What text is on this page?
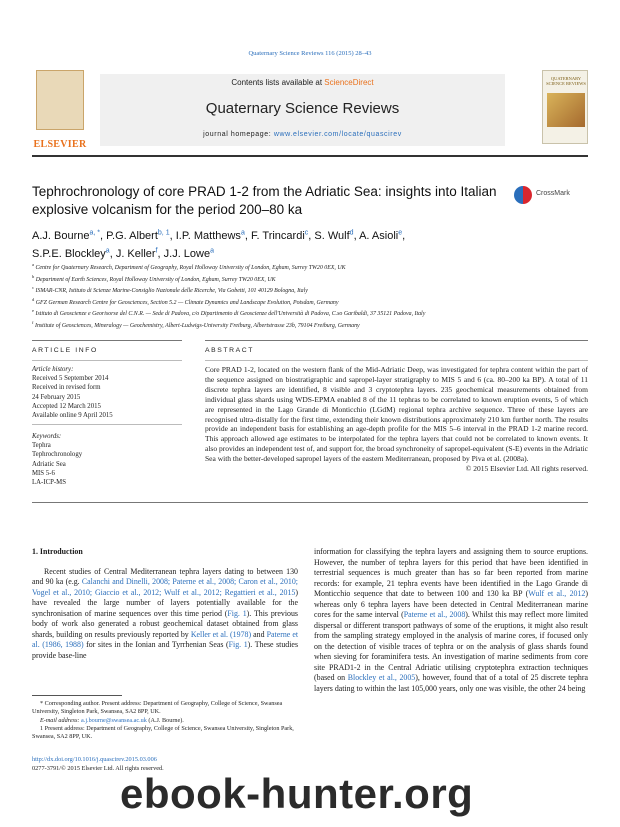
Quaternary Science Reviews 116 (2015) 28–43
ELSEVIER
Contents lists available at ScienceDirect
Quaternary Science Reviews
journal homepage: www.elsevier.com/locate/quascirev
QUATERNARY SCIENCE REVIEWS
Tephrochronology of core PRAD 1-2 from the Adriatic Sea: insights into Italian explosive volcanism for the period 200–80 ka
CrossMark
A.J. Bourne$^{a, *}$, P.G. Albert$^{b, 1}$, I.P. Matthews$^a$, F. Trincardi$^c$, S. Wulf$^d$, A. Asioli$^e$,
S.P.E. Blockley$^a$, J. Keller$^f$, J.J. Lowe$^a$
$^a$ Centre for Quaternary Research, Department of Geography, Royal Holloway University of London, Egham, Surrey TW20 0EX, UK
$^b$ Department of Earth Sciences, Royal Holloway University of London, Egham, Surrey TW20 0EX, UK
$^c$ ISMAR-CNR, Istituto di Scienze Marine-Consiglio Nazionale delle Ricerche, Via Gobetti, 101 40129 Bologna, Italy
$^d$ GFZ German Research Centre for Geosciences, Section 5.2 — Climate Dynamics and Landscape Evolution, Potsdam, Germany
$^e$ Istituto di Geoscienze e Georisorse del C.N.R. — Sede di Padova, c/o Dipartimento di Geoscienze dell'Università di Padova, C.so Garibaldi, 37 35121 Padova, Italy
$^f$ Institute of Geosciences, Mineralogy — Geochemistry, Albert-Ludwigs-University Freiburg, Albertstrasse 23b, 79104 Freiburg, Germany
ARTICLE INFO	ABSTRACT
Article history:
Received 5 September 2014
Received in revised form
24 February 2015
Accepted 12 March 2015
Available online 9 April 2015
Keywords:
Tephra
Tephrochronology
Adriatic Sea
MIS 5-6
LA-ICP-MS
Core PRAD 1-2, located on the western flank of the Mid-Adriatic Deep, was investigated for tephra content within the part of the sequence assigned on biostratigraphic and sapropel-layer stratigraphy to MIS 5 and 6 (ca. 80–200 ka BP). A total of 11 discrete tephra layers are identified, 8 visible and 3 cryptotephra layers. 235 geochemical measurements obtained from individual glass shards using WDS-EPMA enabled 8 of the 11 tephras to be correlated to known eruption events, 5 of which are represented in the Lago Grande di Monticchio (LGdM) regional tephra archive sequence. Three of these layers are recognised ultra-distally for the first time, extending their known distributions approximately 210 km further north. The results provide an independent basis for establishing an age-depth profile for the MIS 5–6 interval in the PRAD 1-2 marine record. This approach allowed age estimates to be interpolated for the tephra layers that could not be correlated to known events. It also provides an independent test of, and support for, the broad synchroneity of sapropel-equivalent (S-E) events in the Adriatic Sea with the better-developed sapropel layers of the eastern Mediterranean, proposed by Piva et al. (2008a).
© 2015 Elsevier Ltd. All rights reserved.
1. Introduction
Recent studies of Central Mediterranean tephra layers dating to between 130 and 90 ka (e.g. Calanchi and Dinelli, 2008; Paterne et al., 2008; Caron et al., 2010; Vogel et al., 2010; Giaccio et al., 2012; Wulf et al., 2012; Regattieri et al., 2015) have revealed the large number of layers potentially available for the synchronisation of marine sequences over this time period (Fig. 1). This previous body of work also generated a robust geochemical dataset obtained from glass shards, building on results previously reported by Keller et al. (1978) and Paterne et al. (1986, 1988) for sites in the Ionian and Tyrrhenian Seas (Fig. 1). These studies provide base-line
information for classifying the tephra layers and assigning them to source eruptions. However, the number of tephra layers for this period that have been identified in terrestrial sequences is much greater than has so far been reported from marine records: for example, 21 tephra events have been identified in the Lago Grande di Monticchio sequence that date to between 100 and 130 ka BP (Wulf et al., 2012) whereas only 6 tephra layers have been detected in Central Mediterranean marine cores for the same interval (Paterne et al., 2008). Whilst this may reflect more limited dispersal or different transport pathways of some of the eruptions, it might also result from the sampling strategy employed in the analysis of marine cores, if focused only on the detection of visible traces of tephra or on the analysis of glass shards found when sieving for foraminifera tests. An investigation of marine sediments from core site PRAD1-2 in the Central Adriatic utilising cryptotephra extraction techniques (based on Blockley et al., 2005), however, found that of a total of 25 discrete tephra layers dating to within the last 105,000 years, only one was visible, the other 24 being
* Corresponding author. Present address: Department of Geography, College of Science, Swansea University, Singleton Park, Swansea, SA2 8PP, UK.
E-mail address: a.j.bourne@swansea.ac.uk (A.J. Bourne).
1 Present address: Department of Geography, College of Science, Swansea University, Singleton Park, Swansea, SA2 8PP, UK.
http://dx.doi.org/10.1016/j.quascirev.2015.03.006
0277-3791/© 2015 Elsevier Ltd. All rights reserved.
ebook-hunter.org
